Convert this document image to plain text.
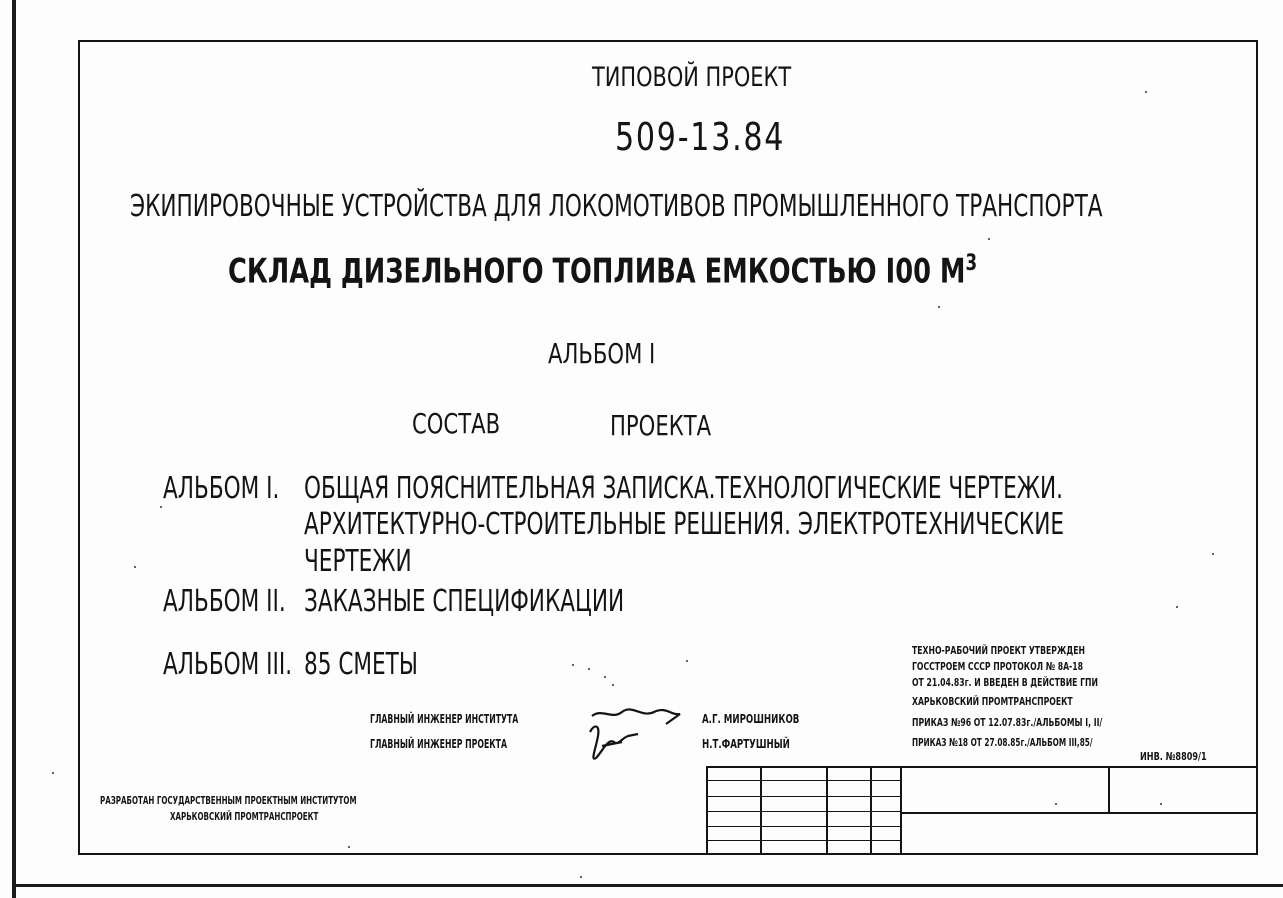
ТИПОВОЙ ПРОЕКТ
509-13.84
ЭКИПИРОВОЧНЫЕ УСТРОЙСТВА ДЛЯ ЛОКОМОТИВОВ ПРОМЫШЛЕННОГО ТРАНСПОРТА
СКЛАД ДИЗЕЛЬНОГО ТОПЛИВА ЕМКОСТЬЮ I00 $М^3$
АЛЬБОМ I
СОСТАВ	ПРОЕКТА
АЛЬБОМ I. ОБЩАЯ ПОЯСНИТЕЛЬНАЯ ЗАПИСКА.ТЕХНОЛОГИЧЕСКИЕ ЧЕРТЕЖИ.
АРХИТЕКТУРНО-СТРОИТЕЛЬНЫЕ РЕШЕНИЯ. ЭЛЕКТРОТЕХНИЧЕСКИЕ
ЧЕРТЕЖИ
АЛЬБОМ II. ЗАКАЗНЫЕ СПЕЦИФИКАЦИИ
АЛЬБОМ III. 85 СМЕТЫ
ГЛАВНЫЙ ИНЖЕНЕР ИНСТИТУТА
ГЛАВНЫЙ ИНЖЕНЕР ПРОЕКТА
А.Г. МИРОШНИКОВ
Н.Т.ФАРТУШНЫЙ
ТЕХНО-РАБОЧИЙ ПРОЕКТ УТВЕРЖДЕН
ГОССТРОЕМ СССР ПРОТОКОЛ № 8А-18
ОТ 21.04.83г. И ВВЕДЕН В ДЕЙСТВИЕ ГПИ
ХАРЬКОВСКИЙ ПРОМТРАНСПРОЕКТ
ПРИКАЗ №96 ОТ 12.07.83г./АЛЬБОМЫ I, II/
ПРИКАЗ №18 ОТ 27.08.85г./АЛЬБОМ III,85/
ИНВ. №8809/1
РАЗРАБОТАН ГОСУДАРСТВЕННЫМ ПРОЕКТНЫМ ИНСТИТУТОМ
ХАРЬКОВСКИЙ ПРОМТРАНСПРОЕКТ
